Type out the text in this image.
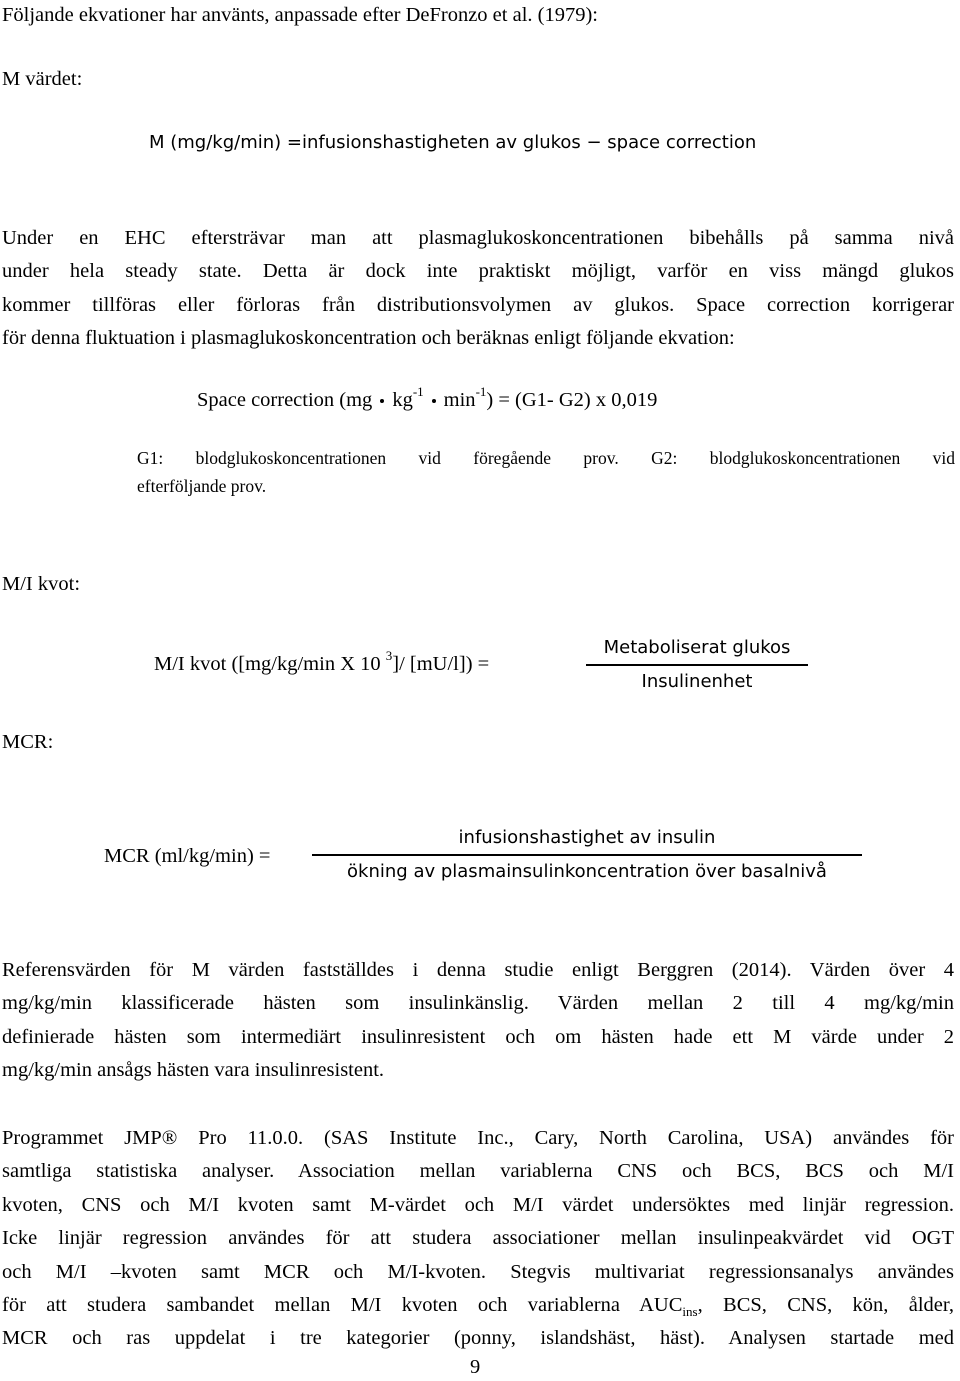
Följande ekvationer har använts, anpassade efter DeFronzo et al. (1979):
M värdet:
M (mg/kg/min) =infusionshastigheten av glukos − space correction
Under en EHC eftersträvar man att plasmaglukoskoncentrationen bibehålls på samma nivå
under hela steady state. Detta är dock inte praktiskt möjligt, varför en viss mängd glukos
kommer tillföras eller förloras från distributionsvolymen av glukos. Space correction korrigerar
för denna fluktuation i plasmaglukoskoncentration och beräknas enligt följande ekvation:
Space correction (mg $kg^{-1}$ $\min^{-1}) = (G1-$ G2) x 0,019
G1: blodglukoskoncentrationen vid föregående prov. G2: blodglukoskoncentrationen vid
efterföljande prov.
M/I kvot:
M/I kvot ([mg/kg/min X 10 $^3$]/ [mU/l]) =
Metaboliserat glukos
Insulinenhet
MCR:
MCR (ml/kg/min) =
infusionshastighet av insulin
ökning av plasmainsulinkoncentration över basalnivå
Referensvärden för M värden fastställdes i denna studie enligt Berggren (2014). Värden över 4
mg/kg/min klassificerade hästen som insulinkänslig. Värden mellan 2 till 4 mg/kg/min
definierade hästen som intermediärt insulinresistent och om hästen hade ett M värde under 2
mg/kg/min ansågs hästen vara insulinresistent.
Programmet JMP® Pro 11.0.0. (SAS Institute Inc., Cary, North Carolina, USA) användes för
samtliga statistiska analyser. Association mellan variablerna CNS och BCS, BCS och M/I
kvoten, CNS och M/I kvoten samt M-värdet och M/I värdet undersöktes med linjär regression.
Icke linjär regression användes för att studera associationer mellan insulinpeakvärdet vid OGT
och M/I –kvoten samt MCR och M/I-kvoten. Stegvis multivariat regressionsanalys användes
för att studera sambandet mellan M/I kvoten och variablerna $AUC_{ins}$, BCS, CNS, kön, ålder,
MCR och ras uppdelat i tre kategorier (ponny, islandshäst, häst). Analysen startade med
9
